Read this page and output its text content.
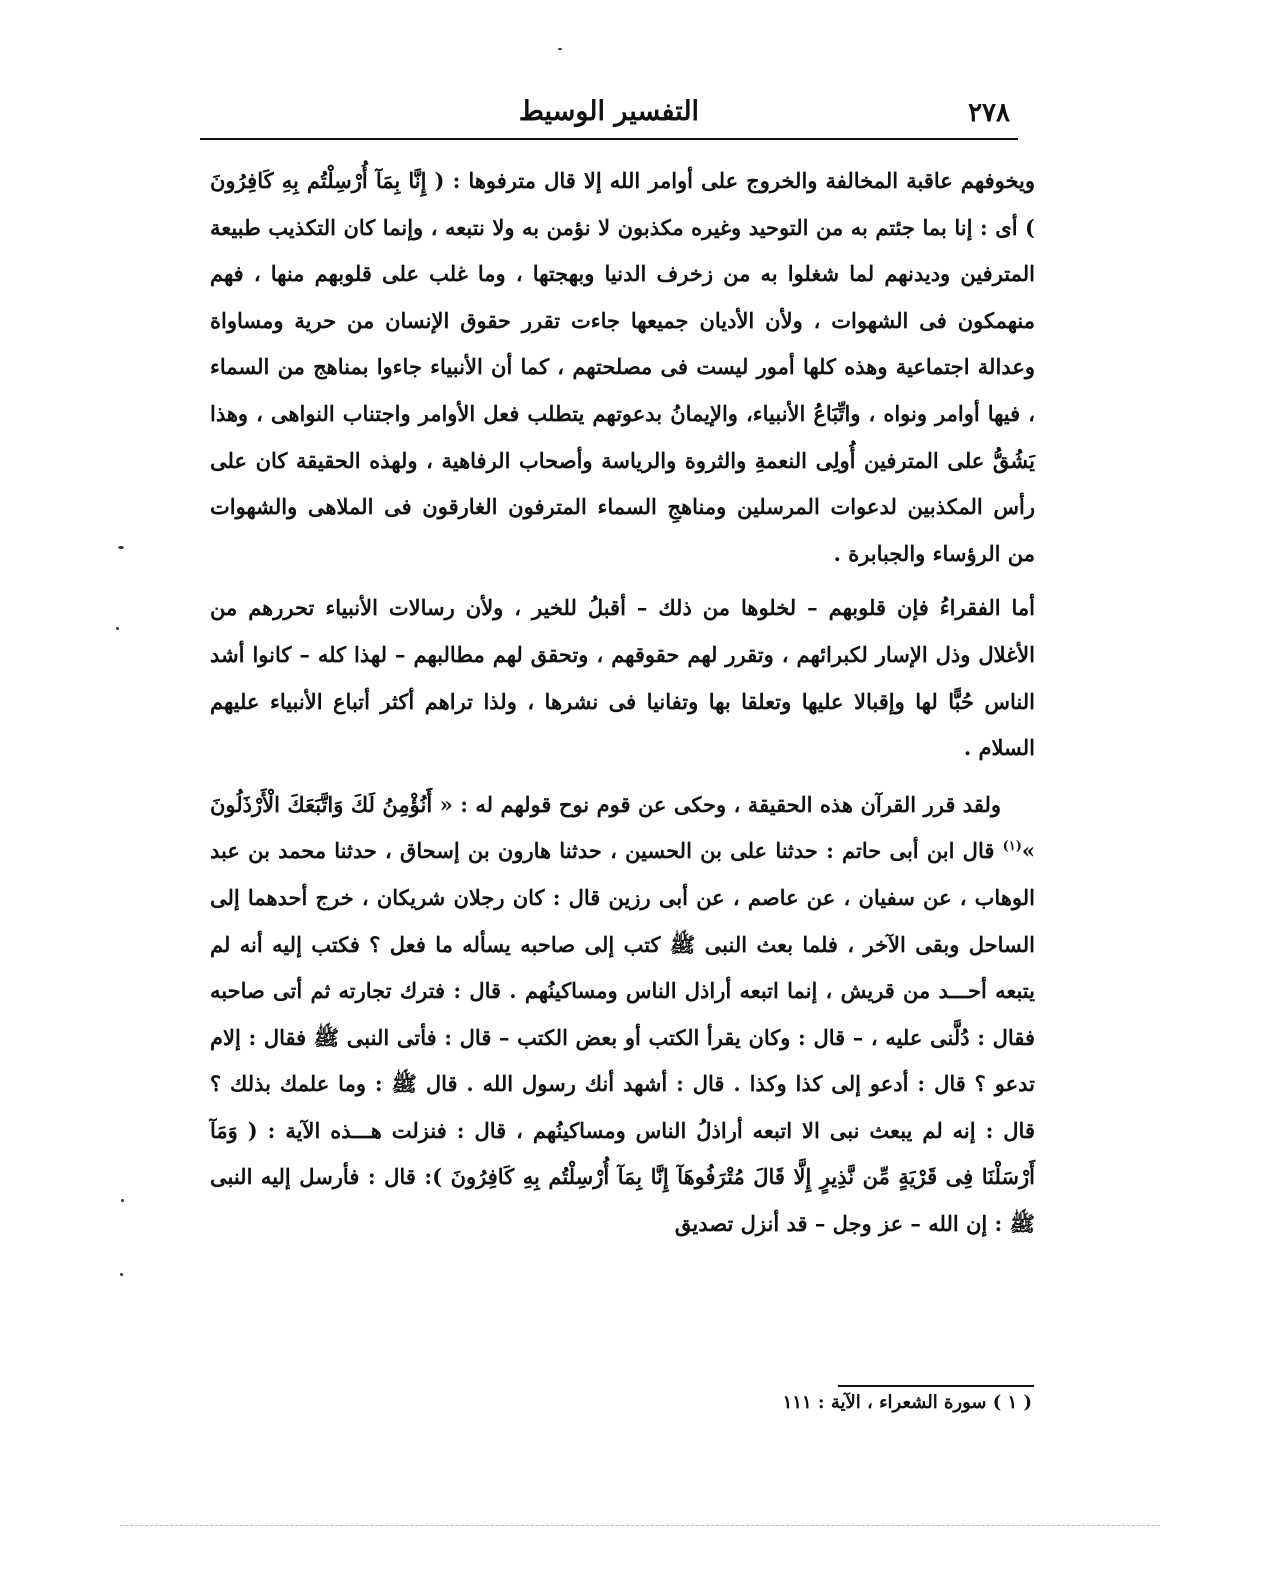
٢٧٨
التفسير الوسيط

ويخوفهم عاقبة المخالفة والخروج على أوامر الله إلا قال مترفوها : ( إِنَّا بِمَآ أُرْسِلْتُم بِهِ كَافِرُونَ ) أى : إنا بما جئتم به من التوحيد وغيره مكذبون لا نؤمن به ولا نتبعه ، وإنما كان التكذيب طبيعة المترفين وديدنهم لما شغلوا به من زخرف الدنيا وبهجتها ، وما غلب على قلوبهم منها ، فهم منهمكون فى الشهوات ، ولأن الأديان جميعها جاءت تقرر حقوق الإنسان من حرية ومساواة وعدالة اجتماعية وهذه كلها أمور ليست فى مصلحتهم ، كما أن الأنبياء جاءوا بمناهج من السماء ، فيها أوامر ونواه ، واتِّبَاعُ الأنبياء، والإيمانُ بدعوتهم يتطلب فعل الأوامر واجتناب النواهى ، وهذا يَشُقُّ على المترفين أُولِى النعمةِ والثروة والرياسة وأصحاب الرفاهية ، ولهذه الحقيقة كان على رأس المكذبين لدعوات المرسلين ومناهجِ السماء المترفون الغارقون فى الملاهى والشهوات من الرؤساء والجبابرة .

أما الفقراءُ فإن قلوبهم – لخلوها من ذلك – أقبلُ للخير ، ولأن رسالات الأنبياء تحررهم من الأغلال وذل الإسار لكبرائهم ، وتقرر لهم حقوقهم ، وتحقق لهم مطالبهم – لهذا كله – كانوا أشد الناس حُبًّا لها وإقبالا عليها وتعلقا بها وتفانيا فى نشرها ، ولذا تراهم أكثر أتباع الأنبياء عليهم السلام .

ولقد قرر القرآن هذه الحقيقة ، وحكى عن قوم نوح قولهم له : « أَنُؤْمِنُ لَكَ وَاتَّبَعَكَ الْأَرْذَلُونَ »$^{(١)}$ قال ابن أبى حاتم : حدثنا على بن الحسين ، حدثنا هارون بن إسحاق ، حدثنا محمد بن عبد الوهاب ، عن سفيان ، عن عاصم ، عن أبى رزين قال : كان رجلان شريكان ، خرج أحدهما إلى الساحل وبقى الآخر ، فلما بعث النبى ﷺ كتب إلى صاحبه يسأله ما فعل ؟ فكتب إليه أنه لم يتبعه أحـــد من قريش ، إنما اتبعه أراذل الناس ومساكينُهم . قال : فترك تجارته ثم أتى صاحبه فقال : دُلَّنى عليه ، – قال : وكان يقرأ الكتب أو بعض الكتب – قال : فأتى النبى ﷺ فقال : إلام تدعو ؟ قال : أدعو إلى كذا وكذا . قال : أشهد أنك رسول الله . قال ﷺ : وما علمك بذلك ؟ قال : إنه لم يبعث نبى الا اتبعه أراذلُ الناس ومساكينُهم ، قال : فنزلت هـــذه الآية : ( وَمَآ أَرْسَلْنَا فِى قَرْيَةٍ مِّن نَّذِيرٍ إِلَّا قَالَ مُتْرَفُوهَآ إِنَّا بِمَآ أُرْسِلْتُم بِهِ كَافِرُونَ ): قال : فأرسل إليه النبى ﷺ : إن الله – عز وجل – قد أنزل تصديق

( ١ ) سورة الشعراء ، الآية : ١١١
